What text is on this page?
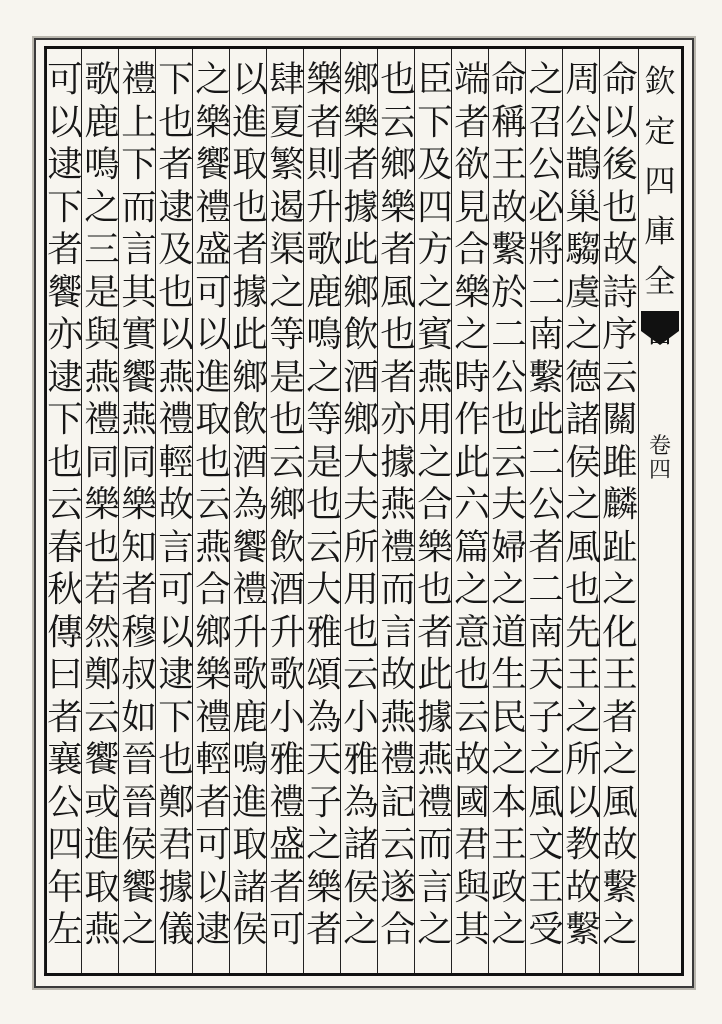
命
以
後
也
故
詩
序
云
關
雎
麟
趾
之
化
王
者
之
風
故
繫
之
周
公
鵲
巢
騶
虞
之
德
諸
侯
之
風
也
先
王
之
所
以
教
故
繫
之
召
公
必
將
二
南
繫
此
二
公
者
二
南
天
子
之
風
文
王
受
命
稱
王
故
繫
於
二
公
也
云
夫
婦
之
道
生
民
之
本
王
政
之
端
者
欲
見
合
樂
之
時
作
此
六
篇
之
意
也
云
故
國
君
與
其
臣
下
及
四
方
之
賓
燕
用
之
合
樂
也
者
此
據
燕
禮
而
言
之
也
云
鄉
樂
者
風
也
者
亦
據
燕
禮
而
言
故
燕
禮
記
云
遂
合
鄉
樂
者
據
此
鄉
飲
酒
鄉
大
夫
所
用
也
云
小
雅
為
諸
侯
之
樂
者
則
升
歌
鹿
鳴
之
等
是
也
云
大
雅
頌
為
天
子
之
樂
者
肆
夏
繁
遏
渠
之
等
是
也
云
鄉
飲
酒
升
歌
小
雅
禮
盛
者
可
以
進
取
也
者
據
此
鄉
飲
酒
為
饗
禮
升
歌
鹿
鳴
進
取
諸
侯
之
樂
饗
禮
盛
可
以
進
取
也
云
燕
合
鄉
樂
禮
輕
者
可
以
逮
下
也
者
逮
及
也
以
燕
禮
輕
故
言
可
以
逮
下
也
鄭
君
據
儀
禮
上
下
而
言
其
實
饗
燕
同
樂
知
者
穆
叔
如
晉
晉
侯
饗
之
歌
鹿
鳴
之
三
是
與
燕
禮
同
樂
也
若
然
鄭
云
饗
或
進
取
燕
可
以
逮
下
者
饗
亦
逮
下
也
云
春
秋
傳
曰
者
襄
公
四
年
左
欽
定
四
庫
全
卷
四
